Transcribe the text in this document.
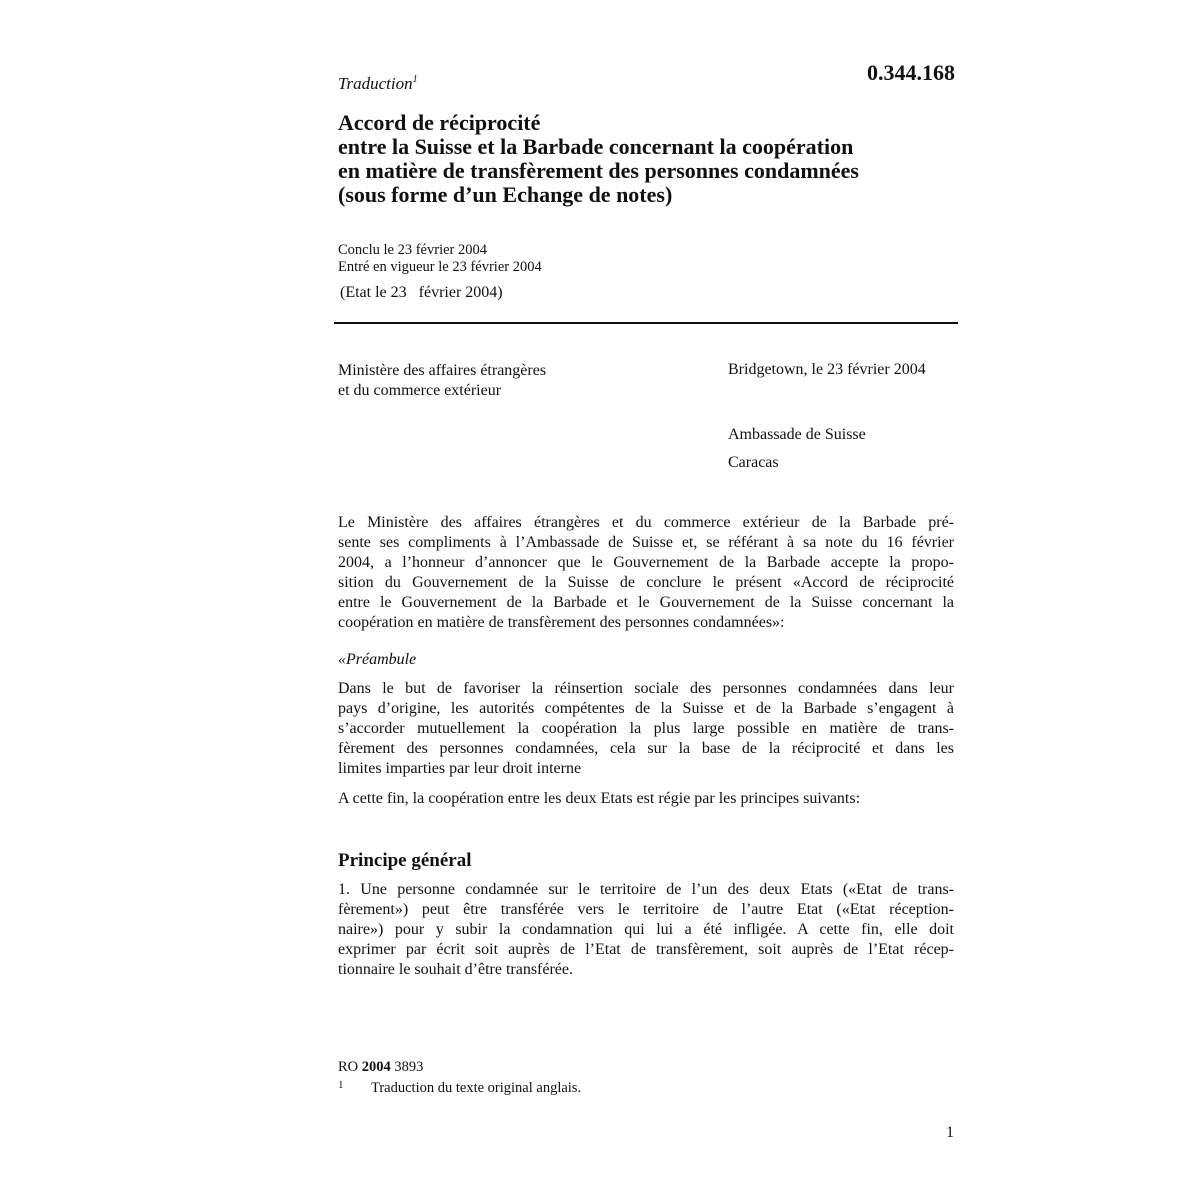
Traduction$^1$	0.344.168
Accord de réciprocité
entre la Suisse et la Barbade concernant la coopération
en matière de transfèrement des personnes condamnées
(sous forme d’un Echange de notes)
Conclu le 23 février 2004
Entré en vigueur le 23 février 2004
(Etat le 23   février 2004)
Ministère des affaires étrangères
et du commerce extérieur
Bridgetown, le 23 février 2004
Ambassade de Suisse
Caracas
Le Ministère des affaires étrangères et du commerce extérieur de la Barbade pré-
sente ses compliments à l’Ambassade de Suisse et, se référant à sa note du 16 février
2004, a l’honneur d’annoncer que le Gouvernement de la Barbade accepte la propo-
sition du Gouvernement de la Suisse de conclure le présent «Accord de réciprocité
entre le Gouvernement de la Barbade et le Gouvernement de la Suisse concernant la
coopération en matière de transfèrement des personnes condamnées»:
«Préambule
Dans le but de favoriser la réinsertion sociale des personnes condamnées dans leur
pays d’origine, les autorités compétentes de la Suisse et de la Barbade s’engagent à
s’accorder mutuellement la coopération la plus large possible en matière de trans-
fèrement des personnes condamnées, cela sur la base de la réciprocité et dans les
limites imparties par leur droit interne
A cette fin, la coopération entre les deux Etats est régie par les principes suivants:
Principe général
1. Une personne condamnée sur le territoire de l’un des deux Etats («Etat de trans-
fèrement») peut être transférée vers le territoire de l’autre Etat («Etat réception-
naire») pour y subir la condamnation qui lui a été infligée. A cette fin, elle doit
exprimer par écrit soit auprès de l’Etat de transfèrement, soit auprès de l’Etat récep-
tionnaire le souhait d’être transférée.
RO 2004 3893
1 Traduction du texte original anglais.
1
